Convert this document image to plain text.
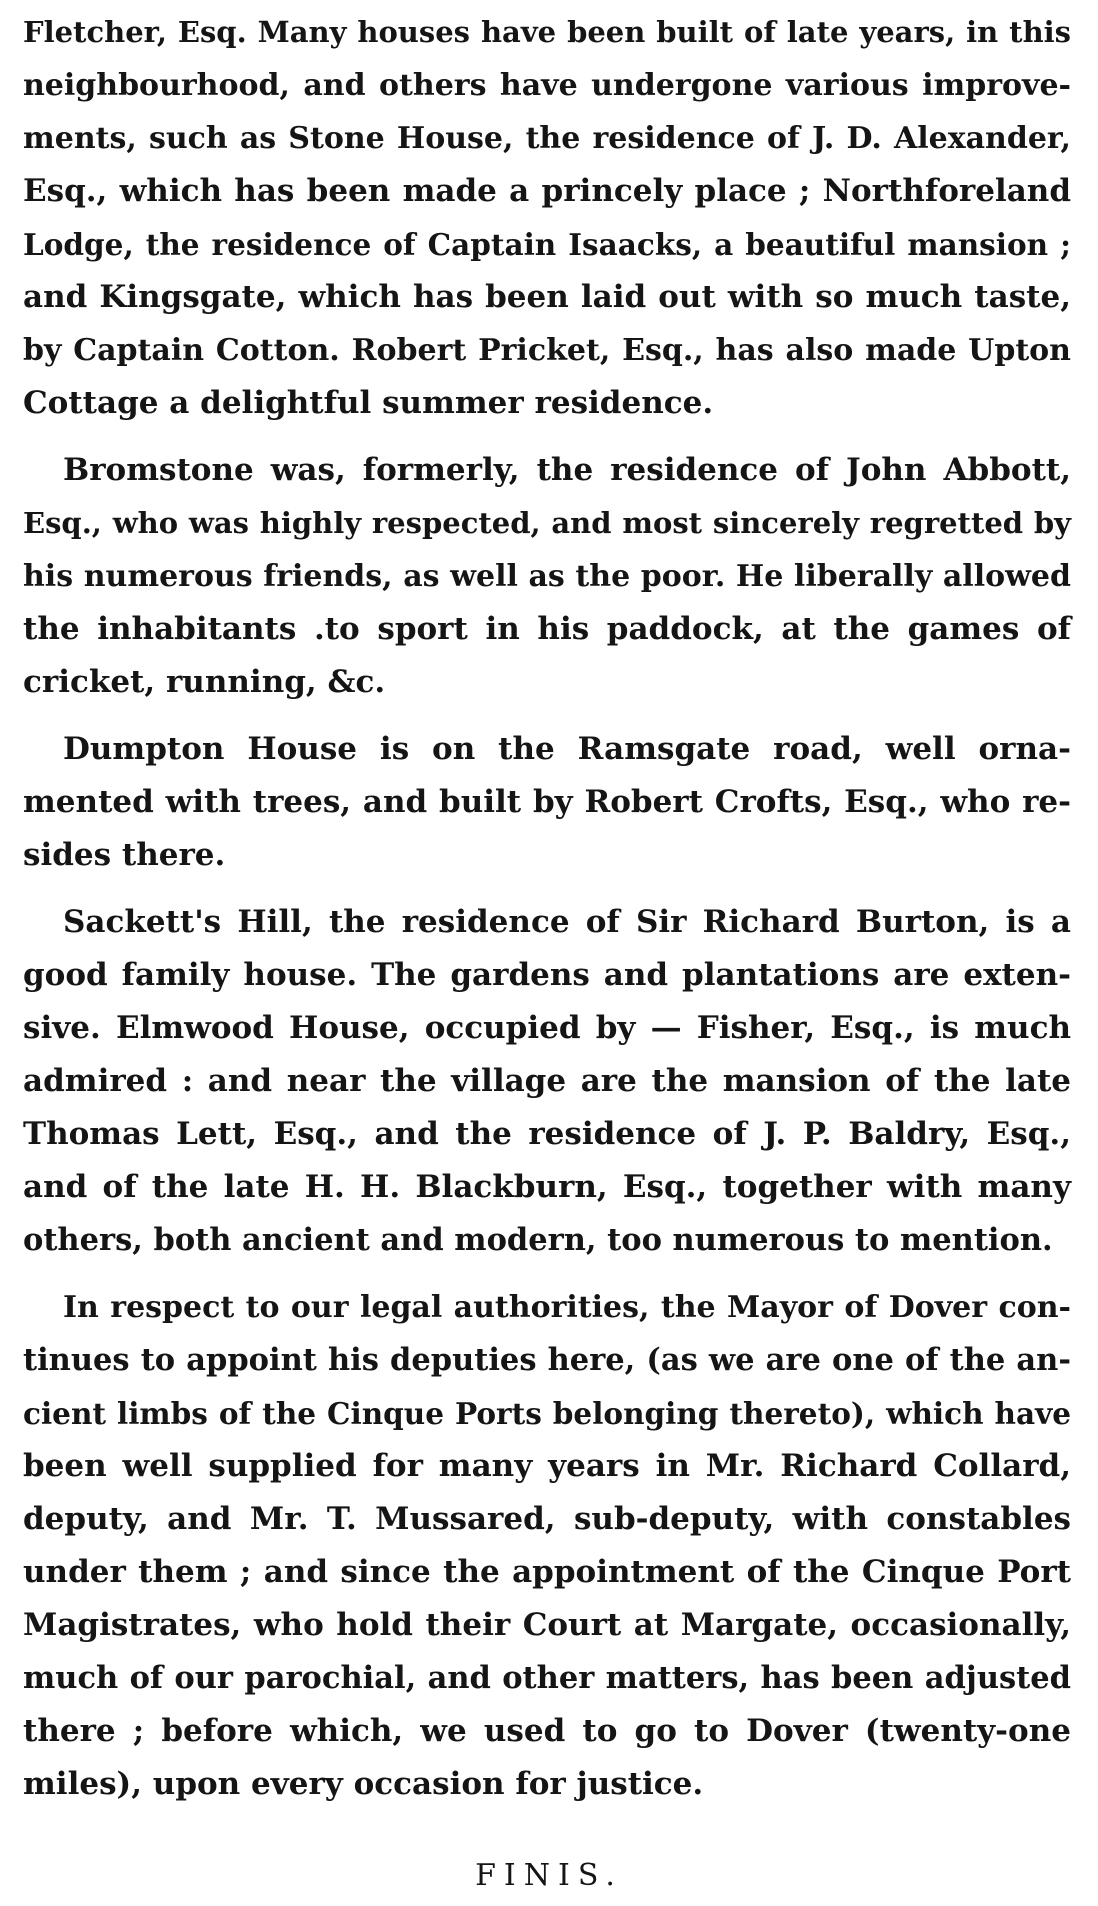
Fletcher, Esq. Many houses have been built of late years, in this
neighbourhood, and others have undergone various improve-
ments, such as Stone House, the residence of J. D. Alexander,
Esq., which has been made a princely place ; Northforeland
Lodge, the residence of Captain Isaacks, a beautiful mansion ;
and Kingsgate, which has been laid out with so much taste,
by Captain Cotton. Robert Pricket, Esq., has also made Upton
Cottage a delightful summer residence.
Bromstone was, formerly, the residence of John Abbott,
Esq., who was highly respected, and most sincerely regretted by
his numerous friends, as well as the poor. He liberally allowed
the inhabitants .to sport in his paddock, at the games of
cricket, running, &c.
Dumpton House is on the Ramsgate road, well orna-
mented with trees, and built by Robert Crofts, Esq., who re-
sides there.
Sackett's Hill, the residence of Sir Richard Burton, is a
good family house. The gardens and plantations are exten-
sive. Elmwood House, occupied by — Fisher, Esq., is much
admired : and near the village are the mansion of the late
Thomas Lett, Esq., and the residence of J. P. Baldry, Esq.,
and of the late H. H. Blackburn, Esq., together with many
others, both ancient and modern, too numerous to mention.
In respect to our legal authorities, the Mayor of Dover con-
tinues to appoint his deputies here, (as we are one of the an-
cient limbs of the Cinque Ports belonging thereto), which have
been well supplied for many years in Mr. Richard Collard,
deputy, and Mr. T. Mussared, sub-deputy, with constables
under them ; and since the appointment of the Cinque Port
Magistrates, who hold their Court at Margate, occasionally,
much of our parochial, and other matters, has been adjusted
there ; before which, we used to go to Dover (twenty-one
miles), upon every occasion for justice.
FINIS.
